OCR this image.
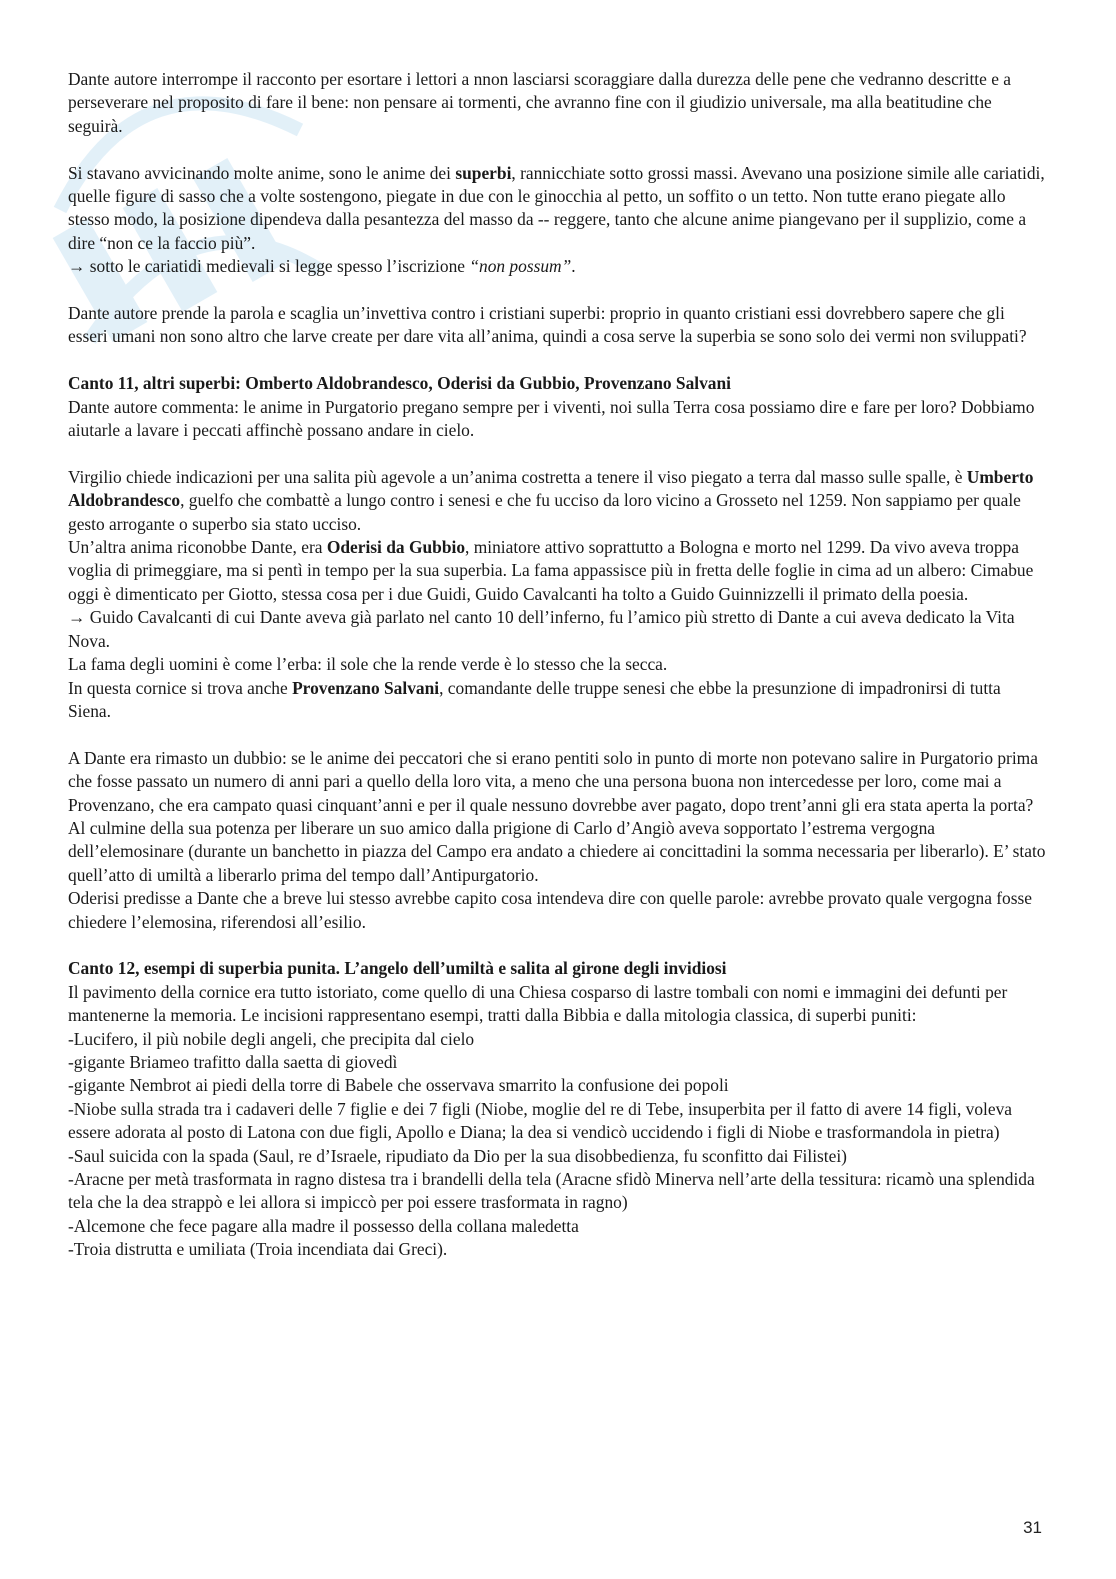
Dante autore interrompe il racconto per esortare i lettori a nnon lasciarsi scoraggiare dalla durezza delle pene che vedranno descritte e a perseverare nel proposito di fare il bene: non pensare ai tormenti, che avranno fine con il giudizio universale, ma alla beatitudine che seguirà.

Si stavano avvicinando molte anime, sono le anime dei superbi, rannicchiate sotto grossi massi. Avevano una posizione simile alle cariatidi, quelle figure di sasso che a volte sostengono, piegate in due con le ginocchia al petto, un soffito o un tetto. Non tutte erano piegate allo stesso modo, la posizione dipendeva dalla pesantezza del masso da -- reggere, tanto che alcune anime piangevano per il supplizio, come a dire “non ce la faccio più”.

→ sotto le cariatidi medievali si legge spesso l’iscrizione “non possum”.

Dante autore prende la parola e scaglia un’invettiva contro i cristiani superbi: proprio in quanto cristiani essi dovrebbero sapere che gli esseri umani non sono altro che larve create per dare vita all’anima, quindi a cosa serve la superbia se sono solo dei vermi non sviluppati?

Canto 11, altri superbi: Omberto Aldobrandesco, Oderisi da Gubbio, Provenzano Salvani

Dante autore commenta: le anime in Purgatorio pregano sempre per i viventi, noi sulla Terra cosa possiamo dire e fare per loro? Dobbiamo aiutarle a lavare i peccati affinchè possano andare in cielo.

Virgilio chiede indicazioni per una salita più agevole a un’anima costretta a tenere il viso piegato a terra dal masso sulle spalle, è Umberto Aldobrandesco, guelfo che combattè a lungo contro i senesi e che fu ucciso da loro vicino a Grosseto nel 1259. Non sappiamo per quale gesto arrogante o superbo sia stato ucciso.

Un’altra anima riconobbe Dante, era Oderisi da Gubbio, miniatore attivo soprattutto a Bologna e morto nel 1299. Da vivo aveva troppa voglia di primeggiare, ma si pentì in tempo per la sua superbia. La fama appassisce più in fretta delle foglie in cima ad un albero: Cimabue oggi è dimenticato per Giotto, stessa cosa per i due Guidi, Guido Cavalcanti ha tolto a Guido Guinnizzelli il primato della poesia.

→ Guido Cavalcanti di cui Dante aveva già parlato nel canto 10 dell’inferno, fu l’amico più stretto di Dante a cui aveva dedicato la Vita Nova.

La fama degli uomini è come l’erba: il sole che la rende verde è lo stesso che la secca.

In questa cornice si trova anche Provenzano Salvani, comandante delle truppe senesi che ebbe la presunzione di impadronirsi di tutta Siena.

A Dante era rimasto un dubbio: se le anime dei peccatori che si erano pentiti solo in punto di morte non potevano salire in Purgatorio prima che fosse passato un numero di anni pari a quello della loro vita, a meno che una persona buona non intercedesse per loro, come mai a Provenzano, che era campato quasi cinquant’anni e per il quale nessuno dovrebbe aver pagato, dopo trent’anni gli era stata aperta la porta? Al culmine della sua potenza per liberare un suo amico dalla prigione di Carlo d’Angiò aveva sopportato l’estrema vergogna dell’elemosinare (durante un banchetto in piazza del Campo era andato a chiedere ai concittadini la somma necessaria per liberarlo). E’ stato quell’atto di umiltà a liberarlo prima del tempo dall’Antipurgatorio.

Oderisi predisse a Dante che a breve lui stesso avrebbe capito cosa intendeva dire con quelle parole: avrebbe provato quale vergogna fosse chiedere l’elemosina, riferendosi all’esilio.

Canto 12, esempi di superbia punita. L’angelo dell’umiltà e salita al girone degli invidiosi

Il pavimento della cornice era tutto istoriato, come quello di una Chiesa cosparso di lastre tombali con nomi e immagini dei defunti per mantenerne la memoria. Le incisioni rappresentano esempi, tratti dalla Bibbia e dalla mitologia classica, di superbi puniti:

-Lucifero, il più nobile degli angeli, che precipita dal cielo

-gigante Briameo trafitto dalla saetta di giovedì

-gigante Nembrot ai piedi della torre di Babele che osservava smarrito la confusione dei popoli

-Niobe sulla strada tra i cadaveri delle 7 figlie e dei 7 figli (Niobe, moglie del re di Tebe, insuperbita per il fatto di avere 14 figli, voleva essere adorata al posto di Latona con due figli, Apollo e Diana; la dea si vendicò uccidendo i figli di Niobe e trasformandola in pietra)

-Saul suicida con la spada (Saul, re d’Israele, ripudiato da Dio per la sua disobbedienza, fu sconfitto dai Filistei)

-Aracne per metà trasformata in ragno distesa tra i brandelli della tela (Aracne sfidò Minerva nell’arte della tessitura: ricamò una splendida tela che la dea strappò e lei allora si impiccò per poi essere trasformata in ragno)

-Alcemone che fece pagare alla madre il possesso della collana maledetta

-Troia distrutta e umiliata (Troia incendiata dai Greci).

31
